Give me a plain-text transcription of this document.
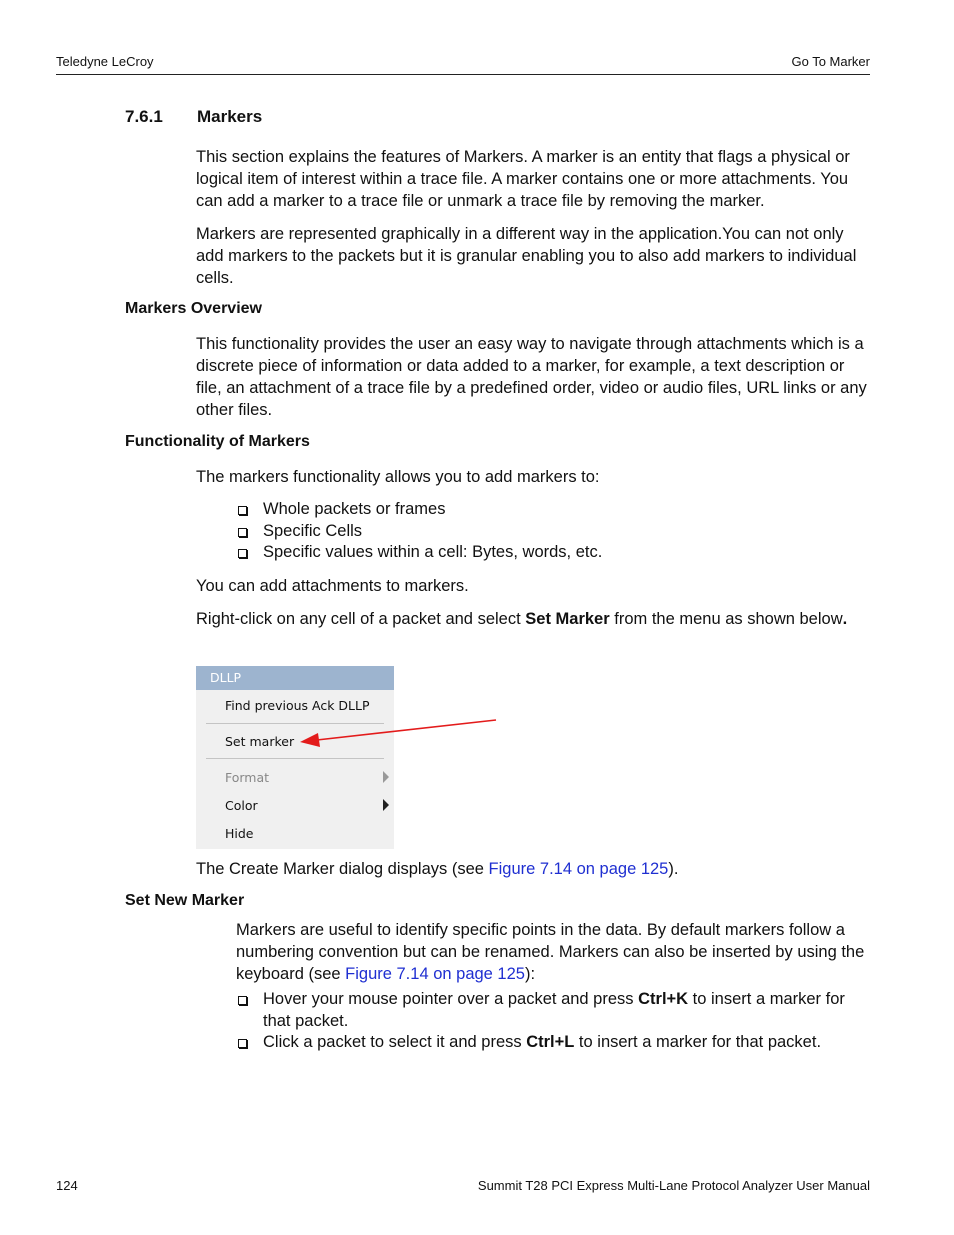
Teledyne LeCroy	Go To Marker
7.6.1 Markers

This section explains the features of Markers. A marker is an entity that flags a physical or logical item of interest within a trace file. A marker contains one or more attachments. You can add a marker to a trace file or unmark a trace file by removing the marker.

Markers are represented graphically in a different way in the application.You can not only add markers to the packets but it is granular enabling you to also add markers to individual cells.

Markers Overview

This functionality provides the user an easy way to navigate through attachments which is a discrete piece of information or data added to a marker, for example, a text description or file, an attachment of a trace file by a predefined order, video or audio files, URL links or any other files.

Functionality of Markers

The markers functionality allows you to add markers to:

Whole packets or frames
Specific Cells
Specific values within a cell: Bytes, words, etc.

You can add attachments to markers.

Right-click on any cell of a packet and select Set Marker from the menu as shown below.

DLLP
Find previous Ack DLLP
Set marker
Format
Color
Hide

The Create Marker dialog displays (see Figure 7.14 on page 125).

Set New Marker

Markers are useful to identify specific points in the data. By default markers follow a numbering convention but can be renamed. Markers can also be inserted by using the keyboard (see Figure 7.14 on page 125):

Hover your mouse pointer over a packet and press Ctrl+K to insert a marker for that packet.
Click a packet to select it and press Ctrl+L to insert a marker for that packet.
124	Summit T28 PCI Express Multi-Lane Protocol Analyzer User Manual
